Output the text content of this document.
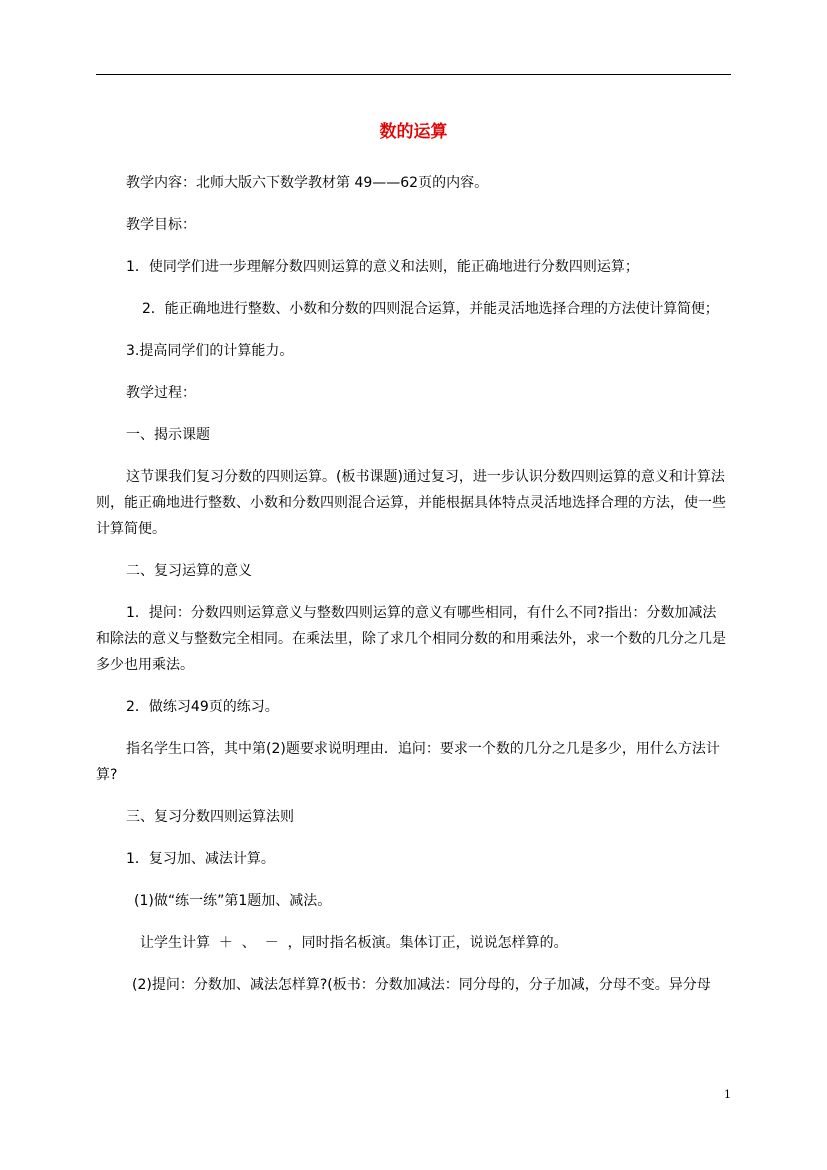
数的运算

教学内容：北师大版六下数学教材第 49——62页的内容。

教学目标：

1．使同学们进一步理解分数四则运算的意义和法则，能正确地进行分数四则运算；

2．能正确地进行整数、小数和分数的四则混合运算，并能灵活地选择合理的方法使计算简便；

3.提高同学们的计算能力。

教学过程：

一、揭示课题

这节课我们复习分数的四则运算。(板书课题)通过复习，进一步认识分数四则运算的意义和计算法则，能正确地进行整数、小数和分数四则混合运算，并能根据具体特点灵活地选择合理的方法，使一些计算简便。

二、复习运算的意义

1．提问：分数四则运算意义与整数四则运算的意义有哪些相同，有什么不同?指出：分数加减法和除法的意义与整数完全相同。在乘法里，除了求几个相同分数的和用乘法外，求一个数的几分之几是多少也用乘法。

2．做练习49页的练习。

指名学生口答，其中第(2)题要求说明理由．追问：要求一个数的几分之几是多少，用什么方法计算?

三、复习分数四则运算法则

1．复习加、减法计算。

(1)做“练一练”第1题加、减法。

让学生计算  ＋  、  －  ，同时指名板演。集体订正，说说怎样算的。

(2)提问：分数加、减法怎样算?(板书：分数加减法：同分母的，分子加减，分母不变。异分母

1
